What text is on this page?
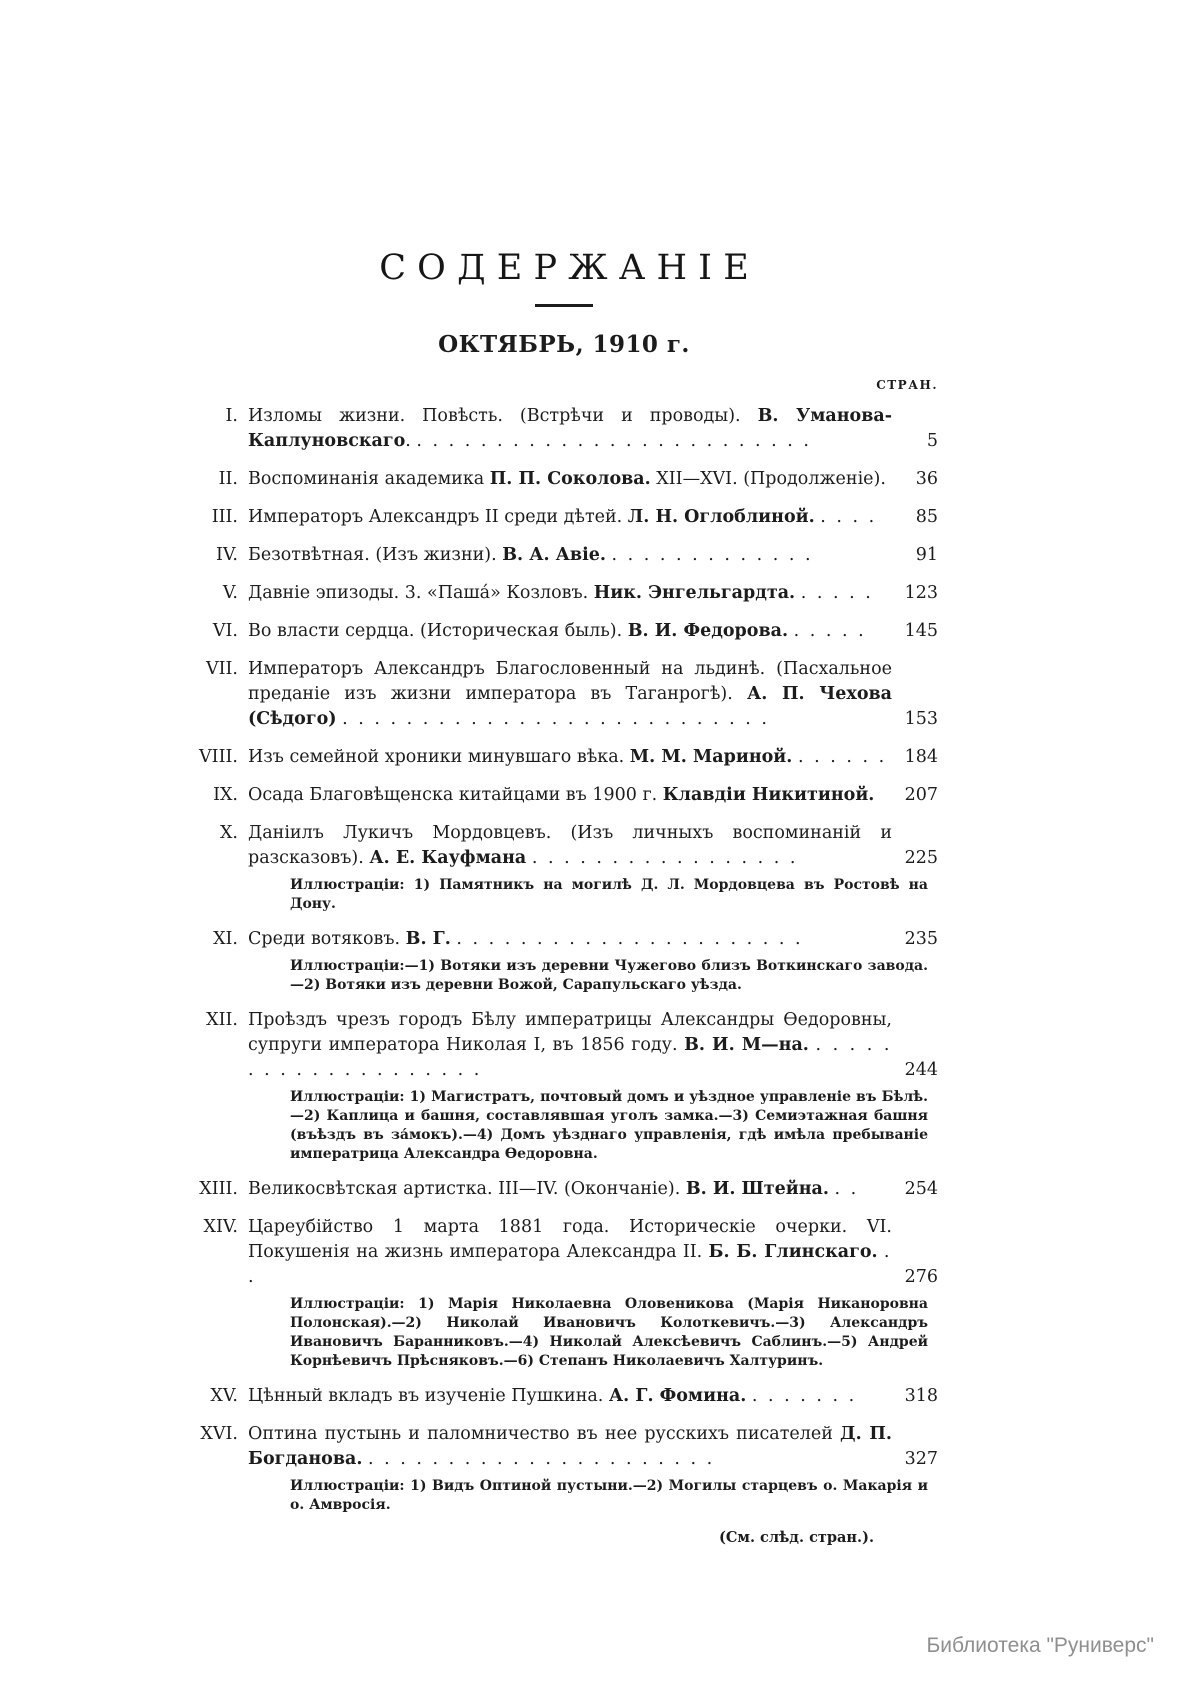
СОДЕРЖАНІЕ
ОКТЯБРЬ, 1910 г.
СТРАН.
I. Изломы жизни. Повѣсть. (Встрѣчи и проводы). В. Уманова-Каплуновскаго. . . . . . . . . . . . . . . . . . . . . . . . . .	5
II. Воспоминанія академика П. П. Соколова. XII—XVI. (Продолженіе).	36
III. Императоръ Александръ II среди дѣтей. Л. Н. Оглоблиной. . . . .	85
IV. Безотвѣтная. (Изъ жизни). В. А. Авіе. . . . . . . . . . . . . .	91
V. Давніе эпизоды. 3. «Паша́» Козловъ. Ник. Энгельгардта. . . . . .	123
VI. Во власти сердца. (Историческая быль). В. И. Федорова. . . . . .	145
VII. Императоръ Александръ Благословенный на льдинѣ. (Пасхальное преданіе изъ жизни императора въ Таганрогѣ). А. П. Чехова (Сѣдого) . . . . . . . . . . . . . . . . . . . . . . . . . . .	153
VIII. Изъ семейной хроники минувшаго вѣка. М. М. Мариной. . . . . . .	184
IX. Осада Благовѣщенска китайцами въ 1900 г. Клавдіи Никитиной.	207
X. Даніилъ Лукичъ Мордовцевъ. (Изъ личныхъ воспоминаній и разсказовъ). А. Е. Кауфмана . . . . . . . . . . . . . . . . .	225
Иллюстраціи: 1) Памятникъ на могилѣ Д. Л. Мордовцева въ Ростовѣ на Дону.
XI. Среди вотяковъ. В. Г. . . . . . . . . . . . . . . . . . . . . . .	235
Иллюстраціи:—1) Вотяки изъ деревни Чужегово близъ Воткинскаго завода.—2) Вотяки изъ деревни Вожой, Сарапульскаго уѣзда.
XII. Проѣздъ чрезъ городъ Бѣлу императрицы Александры Ѳедоровны, супруги императора Николая I, въ 1856 году. В. И. М—на. . . . . . . . . . . . . . . . . . . . .	244
Иллюстраціи: 1) Магистратъ, почтовый домъ и уѣздное управленіе въ Бѣлѣ.—2) Каплица и башня, составлявшая уголъ замка.—3) Семиэтажная башня (въѣздъ въ за́мокъ).—4) Домъ уѣзднаго управленія, гдѣ имѣла пребываніе императрица Александра Ѳедоровна.
XIII. Великосвѣтская артистка. III—IV. (Окончаніе). В. И. Штейна. . .	254
XIV. Цареубійство 1 марта 1881 года. Историческіе очерки. VI. Покушенія на жизнь императора Александра II. Б. Б. Глинскаго. . .	276
Иллюстраціи: 1) Марія Николаевна Оловеникова (Марія Никаноровна Полонская).—2) Николай Ивановичъ Колоткевичъ.—3) Александръ Ивановичъ Баранниковъ.—4) Николай Алексѣевичъ Саблинъ.—5) Андрей Корнѣевичъ Прѣсняковъ.—6) Степанъ Николаевичъ Халтуринъ.
XV. Цѣнный вкладъ въ изученіе Пушкина. А. Г. Фомина. . . . . . . .	318
XVI. Оптина пустынь и паломничество въ нее русскихъ писателей Д. П. Богданова. . . . . . . . . . . . . . . . . . . . . . .	327
Иллюстраціи: 1) Видъ Оптиной пустыни.—2) Могилы старцевъ о. Макарія и о. Амвросія.
(См. слѣд. стран.).
Библиотека "Руниверс"
